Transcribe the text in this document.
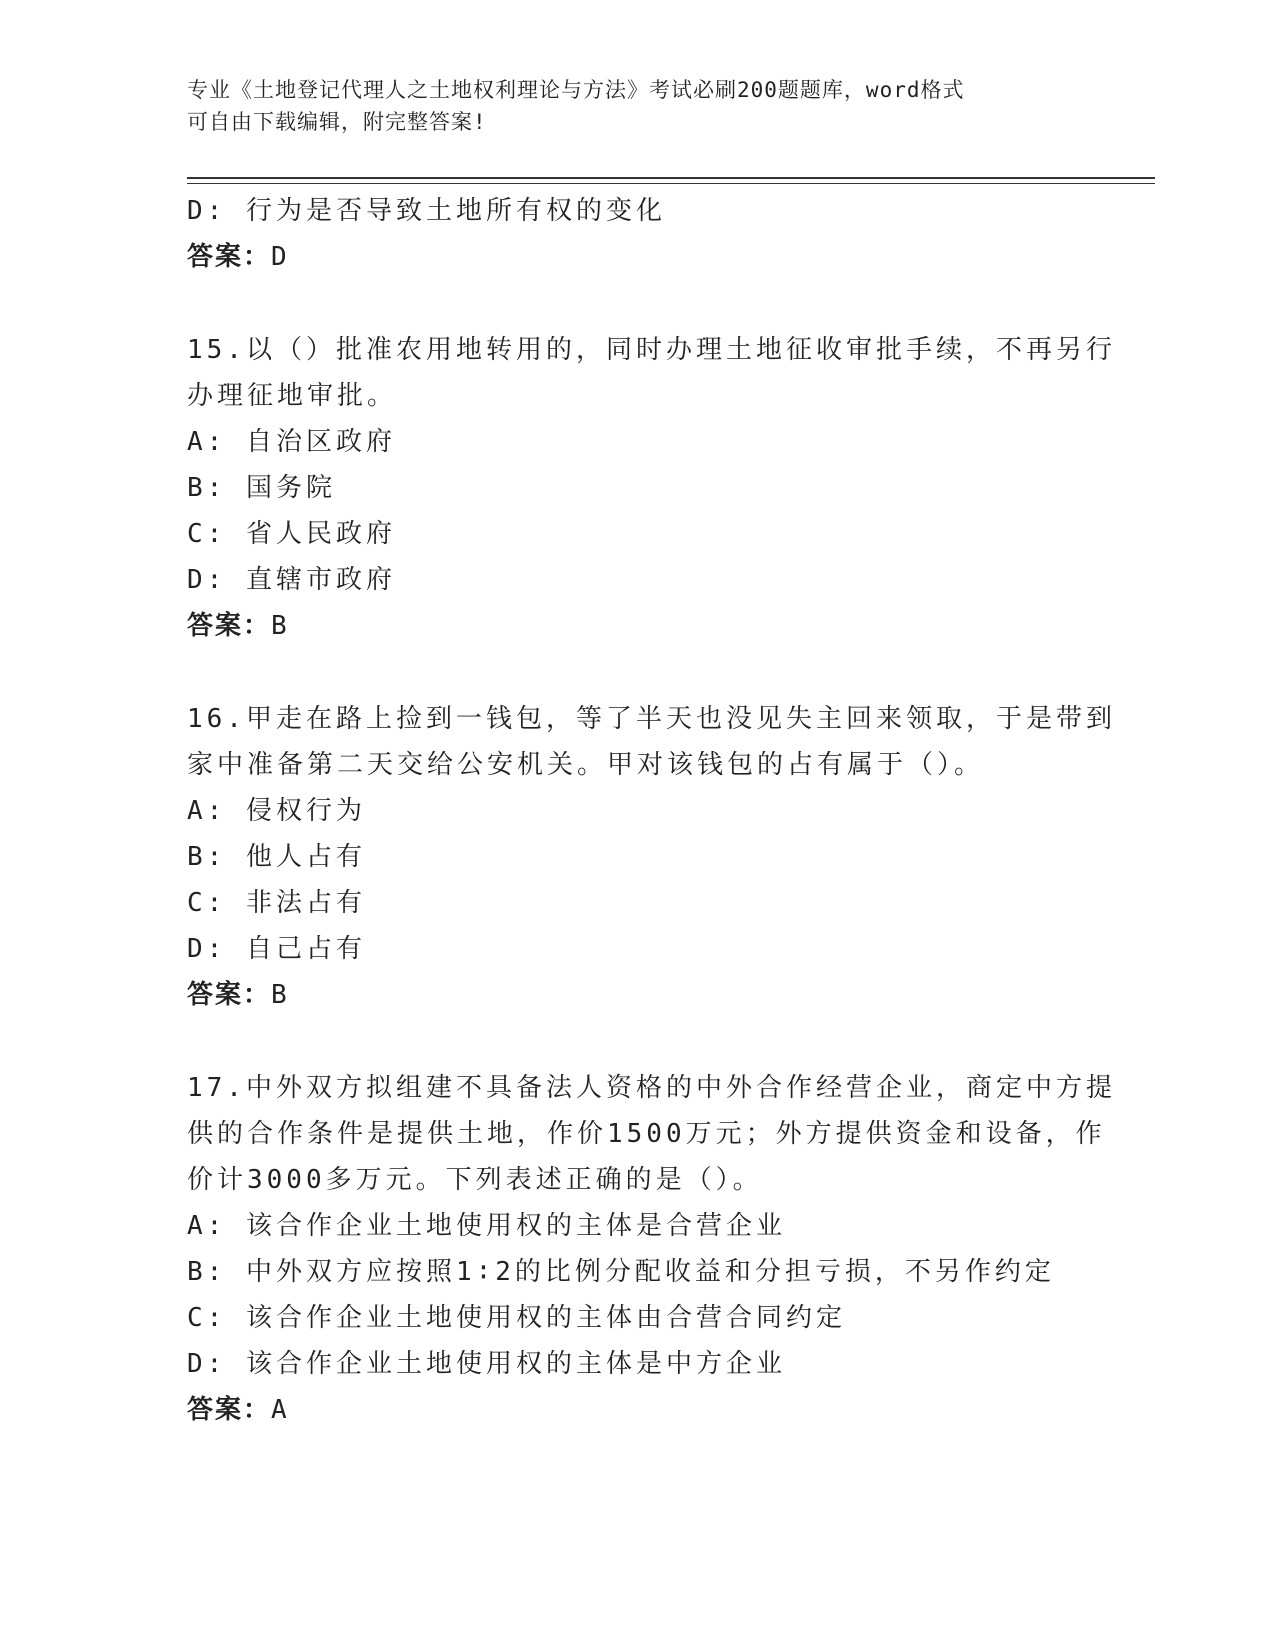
专业《土地登记代理人之土地权利理论与方法》考试必刷200题题库，word格式
可自由下载编辑，附完整答案!
D: 行为是否导致土地所有权的变化
答案：D
15.以（）批准农用地转用的，同时办理土地征收审批手续，不再另行
办理征地审批。
A: 自治区政府
B: 国务院
C: 省人民政府
D: 直辖市政府
答案：B
16.甲走在路上捡到一钱包，等了半天也没见失主回来领取，于是带到
家中准备第二天交给公安机关。甲对该钱包的占有属于（）。
A: 侵权行为
B: 他人占有
C: 非法占有
D: 自己占有
答案：B
17.中外双方拟组建不具备法人资格的中外合作经营企业，商定中方提
供的合作条件是提供土地，作价1500万元；外方提供资金和设备，作
价计3000多万元。下列表述正确的是（）。
A: 该合作企业土地使用权的主体是合营企业
B: 中外双方应按照1∶2的比例分配收益和分担亏损，不另作约定
C: 该合作企业土地使用权的主体由合营合同约定
D: 该合作企业土地使用权的主体是中方企业
答案：A
